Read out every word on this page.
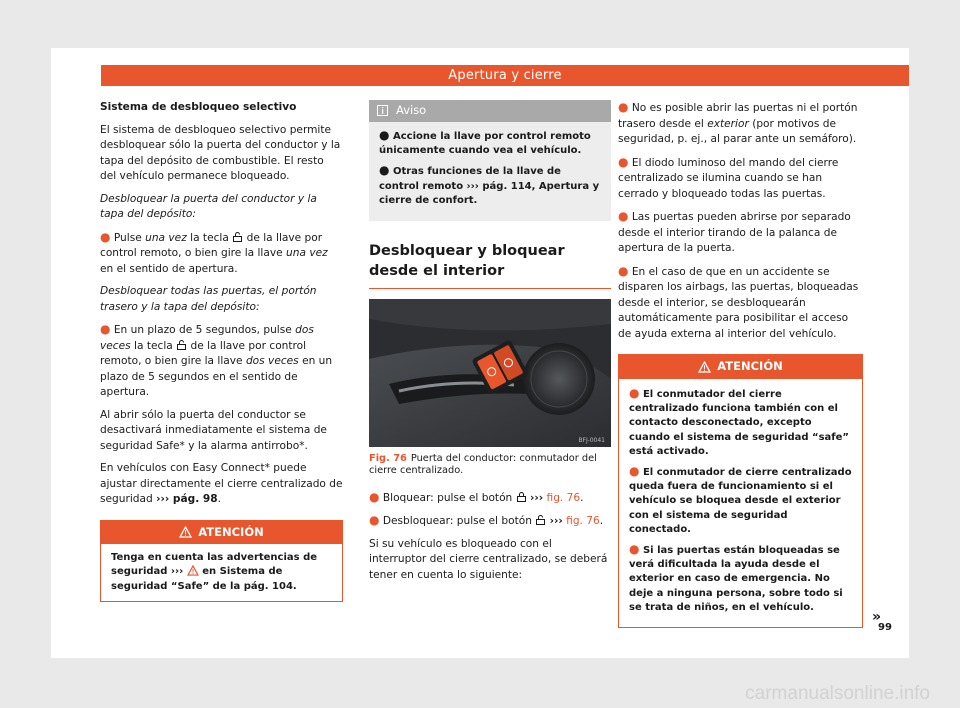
Apertura y cierre

Sistema de desbloqueo selectivo

El sistema de desbloqueo selectivo permite desbloquear sólo la puerta del conductor y la tapa del depósito de combustible. El resto del vehículo permanece bloqueado.

Desbloquear la puerta del conductor y la tapa del depósito:

● Pulse una vez la tecla  de la llave por control remoto, o bien gire la llave una vez en el sentido de apertura.

Desbloquear todas las puertas, el portón trasero y la tapa del depósito:

● En un plazo de 5 segundos, pulse dos veces la tecla  de la llave por control remoto, o bien gire la llave dos veces en un plazo de 5 segundos en el sentido de apertura.

Al abrir sólo la puerta del conductor se desactivará inmediatamente el sistema de seguridad Safe* y la alarma antirrobo*.

En vehículos con Easy Connect* puede ajustar directamente el cierre centralizado de seguridad ››› pág. 98.

ATENCIÓN
Tenga en cuenta las advertencias de seguridad ›››  en Sistema de seguridad “Safe” de la pág. 104.
Aviso

● Accione la llave por control remoto únicamente cuando vea el vehículo.

● Otras funciones de la llave de control remoto ››› pág. 114, Apertura y cierre de confort.

Desbloquear y bloquear desde el interior
BFJ-0041
Fig. 76 Puerta del conductor: conmutador del cierre centralizado.

● Bloquear: pulse el botón  ››› fig. 76.

● Desbloquear: pulse el botón  ››› fig. 76.

Si su vehículo es bloqueado con el interruptor del cierre centralizado, se deberá tener en cuenta lo siguiente:

● No es posible abrir las puertas ni el portón trasero desde el exterior (por motivos de seguridad, p. ej., al parar ante un semáforo).

● El diodo luminoso del mando del cierre centralizado se ilumina cuando se han cerrado y bloqueado todas las puertas.

● Las puertas pueden abrirse por separado desde el interior tirando de la palanca de apertura de la puerta.

● En el caso de que en un accidente se disparen los airbags, las puertas, bloqueadas desde el interior, se desbloquearán automáticamente para posibilitar el acceso de ayuda externa al interior del vehículo.

ATENCIÓN

● El conmutador del cierre centralizado funciona también con el contacto desconectado, excepto cuando el sistema de seguridad “safe” está activado.

● El conmutador de cierre centralizado queda fuera de funcionamiento si el vehículo se bloquea desde el exterior con el sistema de seguridad conectado.

● Si las puertas están bloqueadas se verá dificultada la ayuda desde el exterior en caso de emergencia. No deje a ninguna persona, sobre todo si se trata de niños, en el vehículo.

»
99
carmanualsonline.info
